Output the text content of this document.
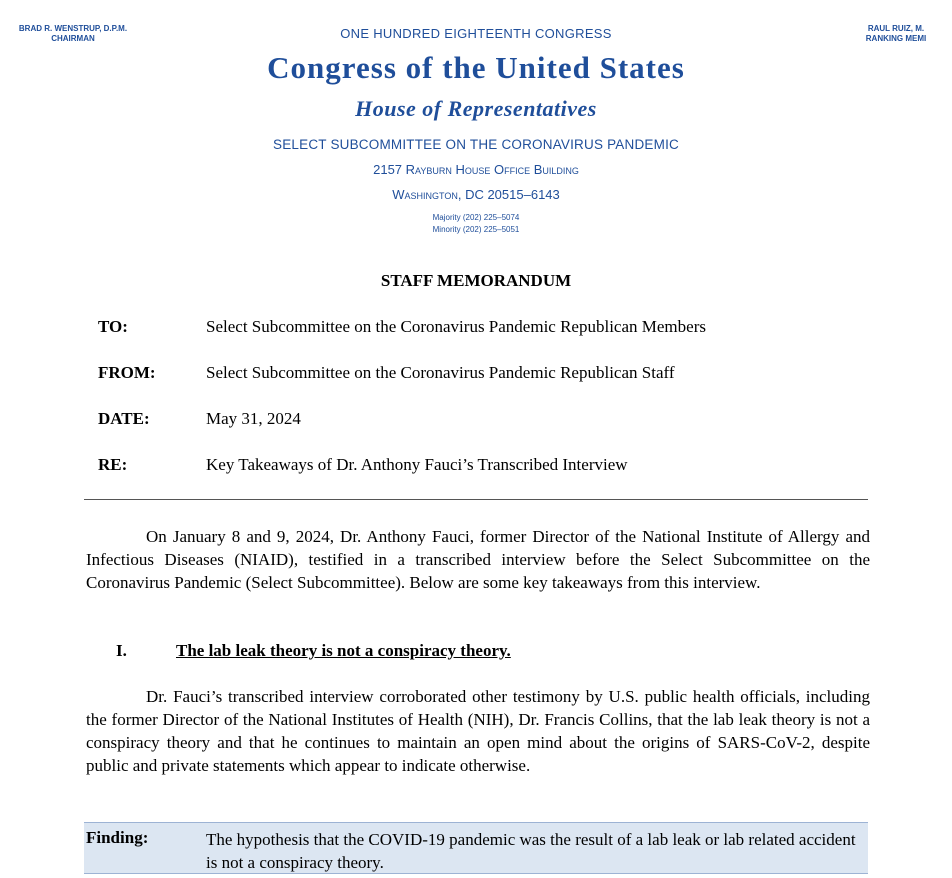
BRAD R. WENSTRUP, D.P.M.
CHAIRMAN
RAUL RUIZ, M.
RANKING MEMI
ONE HUNDRED EIGHTEENTH CONGRESS
Congress of the United States
House of Representatives
SELECT SUBCOMMITTEE ON THE CORONAVIRUS PANDEMIC
2157 Rayburn House Office Building
Washington, DC 20515–6143
Majority (202) 225–5074
Minority (202) 225–5051
STAFF MEMORANDUM
TO:	Select Subcommittee on the Coronavirus Pandemic Republican Members
FROM:	Select Subcommittee on the Coronavirus Pandemic Republican Staff
DATE:	May 31, 2024
RE:	Key Takeaways of Dr. Anthony Fauci’s Transcribed Interview
On January 8 and 9, 2024, Dr. Anthony Fauci, former Director of the National Institute of Allergy and Infectious Diseases (NIAID), testified in a transcribed interview before the Select Subcommittee on the Coronavirus Pandemic (Select Subcommittee). Below are some key takeaways from this interview.
I.	The lab leak theory is not a conspiracy theory.
Dr. Fauci’s transcribed interview corroborated other testimony by U.S. public health officials, including the former Director of the National Institutes of Health (NIH), Dr. Francis Collins, that the lab leak theory is not a conspiracy theory and that he continues to maintain an open mind about the origins of SARS-CoV-2, despite public and private statements which appear to indicate otherwise.
Finding:	The hypothesis that the COVID-19 pandemic was the result of a lab leak or lab related accident is not a conspiracy theory.
